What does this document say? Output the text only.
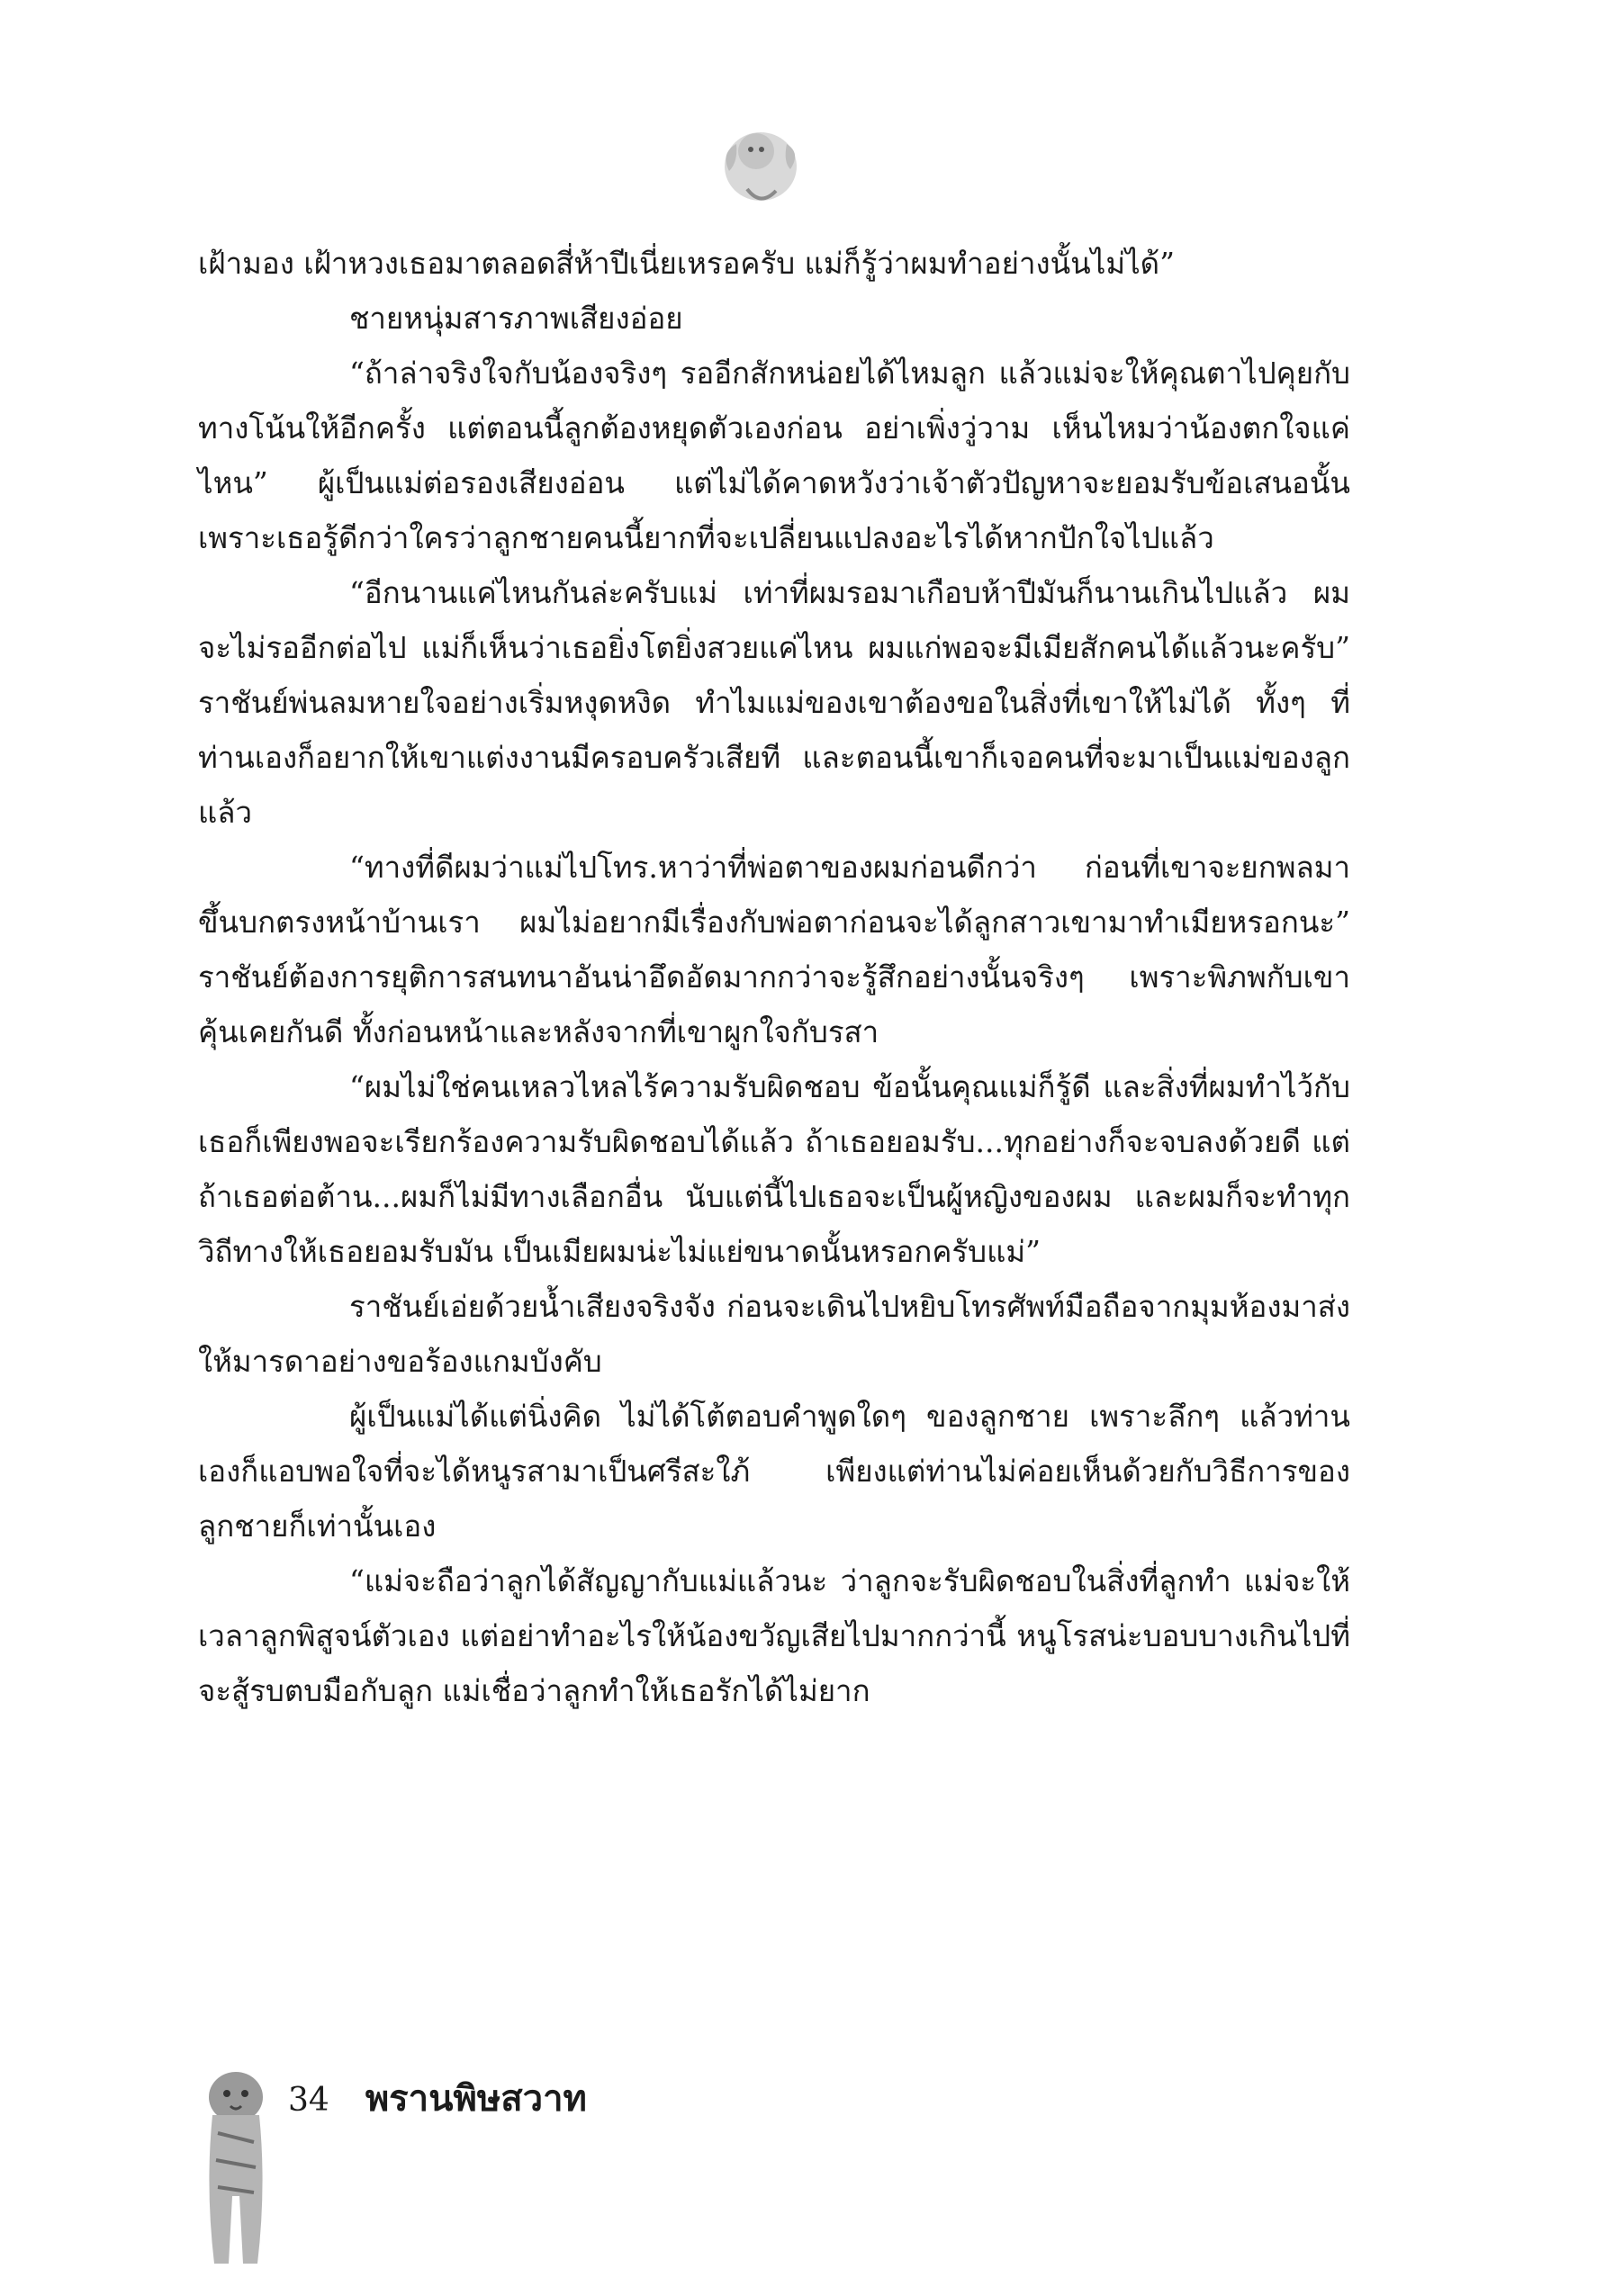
เฝ้ามอง เฝ้าหวงเธอมาตลอดสี่ห้าปีเนี่ยเหรอครับ แม่ก็รู้ว่าผมทำอย่างนั้นไม่ได้”

ชายหนุ่มสารภาพเสียงอ่อย

“ถ้าล่าจริงใจกับน้องจริงๆ รออีกสักหน่อยได้ไหมลูก แล้วแม่จะให้คุณตาไปคุยกับทางโน้นให้อีกครั้ง แต่ตอนนี้ลูกต้องหยุดตัวเองก่อน อย่าเพิ่งวู่วาม เห็นไหมว่าน้องตกใจแค่ไหน” ผู้เป็นแม่ต่อรองเสียงอ่อน แต่ไม่ได้คาดหวังว่าเจ้าตัวปัญหาจะยอมรับข้อเสนอนั้น เพราะเธอรู้ดีกว่าใครว่าลูกชายคนนี้ยากที่จะเปลี่ยนแปลงอะไรได้หากปักใจไปแล้ว

“อีกนานแค่ไหนกันล่ะครับแม่ เท่าที่ผมรอมาเกือบห้าปีมันก็นานเกินไปแล้ว ผมจะไม่รออีกต่อไป แม่ก็เห็นว่าเธอยิ่งโตยิ่งสวยแค่ไหน ผมแก่พอจะมีเมียสักคนได้แล้วนะครับ” ราชันย์พ่นลมหายใจอย่างเริ่มหงุดหงิด ทำไมแม่ของเขาต้องขอในสิ่งที่เขาให้ไม่ได้ ทั้งๆ ที่ท่านเองก็อยากให้เขาแต่งงานมีครอบครัวเสียที และตอนนี้เขาก็เจอคนที่จะมาเป็นแม่ของลูกแล้ว

“ทางที่ดีผมว่าแม่ไปโทร.หาว่าที่พ่อตาของผมก่อนดีกว่า ก่อนที่เขาจะยกพลมาขึ้นบกตรงหน้าบ้านเรา ผมไม่อยากมีเรื่องกับพ่อตาก่อนจะได้ลูกสาวเขามาทำเมียหรอกนะ” ราชันย์ต้องการยุติการสนทนาอันน่าอึดอัดมากกว่าจะรู้สึกอย่างนั้นจริงๆ เพราะพิภพกับเขาคุ้นเคยกันดี ทั้งก่อนหน้าและหลังจากที่เขาผูกใจกับรสา

“ผมไม่ใช่คนเหลวไหลไร้ความรับผิดชอบ ข้อนั้นคุณแม่ก็รู้ดี และสิ่งที่ผมทำไว้กับเธอก็เพียงพอจะเรียกร้องความรับผิดชอบได้แล้ว ถ้าเธอยอมรับ...ทุกอย่างก็จะจบลงด้วยดี แต่ถ้าเธอต่อต้าน...ผมก็ไม่มีทางเลือกอื่น นับแต่นี้ไปเธอจะเป็นผู้หญิงของผม และผมก็จะทำทุกวิถีทางให้เธอยอมรับมัน เป็นเมียผมน่ะไม่แย่ขนาดนั้นหรอกครับแม่”

ราชันย์เอ่ยด้วยน้ำเสียงจริงจัง ก่อนจะเดินไปหยิบโทรศัพท์มือถือจากมุมห้องมาส่งให้มารดาอย่างขอร้องแกมบังคับ

ผู้เป็นแม่ได้แต่นิ่งคิด ไม่ได้โต้ตอบคำพูดใดๆ ของลูกชาย เพราะลึกๆ แล้วท่านเองก็แอบพอใจที่จะได้หนูรสามาเป็นศรีสะใภ้ เพียงแต่ท่านไม่ค่อยเห็นด้วยกับวิธีการของลูกชายก็เท่านั้นเอง

“แม่จะถือว่าลูกได้สัญญากับแม่แล้วนะ ว่าลูกจะรับผิดชอบในสิ่งที่ลูกทำ แม่จะให้เวลาลูกพิสูจน์ตัวเอง แต่อย่าทำอะไรให้น้องขวัญเสียไปมากกว่านี้ หนูโรสน่ะบอบบางเกินไปที่จะสู้รบตบมือกับลูก แม่เชื่อว่าลูกทำให้เธอรักได้ไม่ยาก

34 พรานพิษสวาท
